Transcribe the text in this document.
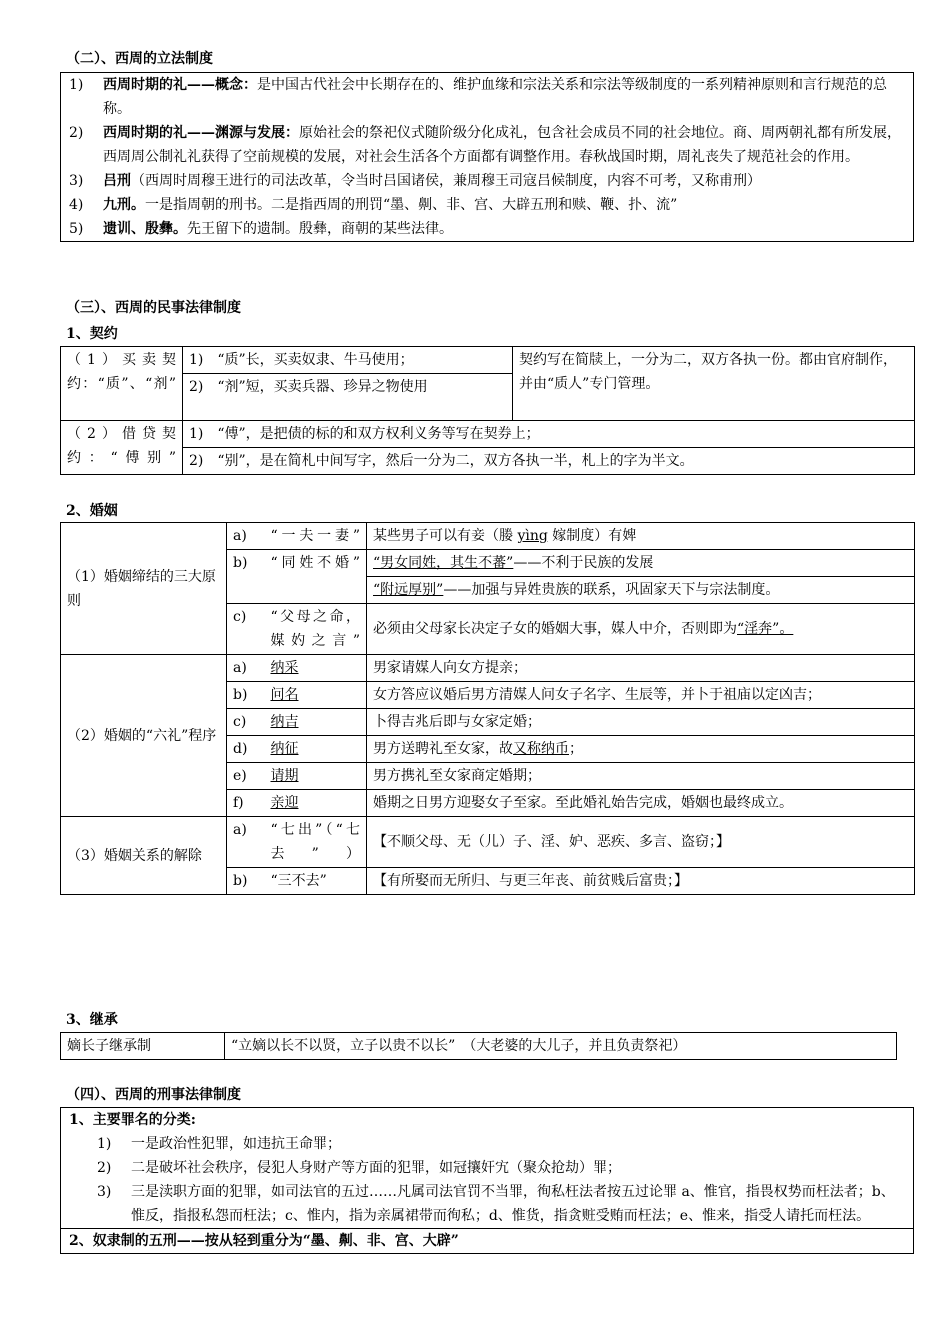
（二）、西周的立法制度
1)	西周时期的礼——概念：是中国古代社会中长期存在的、维护血缘和宗法关系和宗法等级制度的一系列精神原则和言行规范的总称。
2)	西周时期的礼——渊源与发展：原始社会的祭祀仪式随阶级分化成礼，包含社会成员不同的社会地位。商、周两朝礼都有所发展，西周周公制礼礼获得了空前规模的发展，对社会生活各个方面都有调整作用。春秋战国时期，周礼丧失了规范社会的作用。
3)	吕刑（西周时周穆王进行的司法改革，令当时吕国诸侯，兼周穆王司寇吕候制度，内容不可考，又称甫刑）
4)	九刑。一是指周朝的刑书。二是指西周的刑罚“墨、劓、非、宫、大辟五刑和赎、鞭、扑、流”
5)	遗训、殷彝。先王留下的遗制。殷彝，商朝的某些法律。
（三）、西周的民事法律制度
1、契约
（1）买卖契约：“质”、“剂”	1)　“质”长，买卖奴隶、牛马使用；	契约写在简牍上，一分为二，双方各执一份。都由官府制作，并由“质人”专门管理。
	2)　“剂”短，买卖兵器、珍异之物使用	

（2）借贷契约：“傅别”	1)　“傅”，是把债的标的和双方权利义务等写在契券上；	
	2)　“别”，是在简札中间写字，然后一分为二，双方各执一半，札上的字为半文。	
2、婚姻
（1）婚姻缔结的三大原则	a)	“一夫一妻”	某些男子可以有妾（媵 yìng 嫁制度）有婢
	b)	“同姓不婚”	“男女同姓，其生不蕃”——不利于民族的发展
			“附远厚别”——加强与异姓贵族的联系，巩固家天下与宗法制度。
	c)	“父母之命，媒妁之言”	必须由父母家长决定子女的婚姻大事，媒人中介，否则即为“淫奔”。
（2）婚姻的“六礼”程序	a)	纳采	男家请媒人向女方提亲；
	b)	问名	女方答应议婚后男方清媒人问女子名字、生辰等，并卜于祖庙以定凶吉；
	c)	纳吉	卜得吉兆后即与女家定婚；
	d)	纳征	男方送聘礼至女家，故又称纳币；
	e)	请期	男方携礼至女家商定婚期；
	f)	亲迎	婚期之日男方迎娶女子至家。至此婚礼始告完成，婚姻也最终成立。
（3）婚姻关系的解除	a)	“七出”（“七去”）	【不顺父母、无（儿）子、淫、妒、恶疾、多言、盗窃；】
	b)	“三不去”	【有所娶而无所归、与更三年丧、前贫贱后富贵；】
3、继承
嫡长子继承制	“立嫡以长不以贤，立子以贵不以长”　（大老婆的大儿子，并且负责祭祀）
（四）、西周的刑事法律制度
1、主要罪名的分类:
1)	一是政治性犯罪，如违抗王命罪；
2)	二是破坏社会秩序，侵犯人身财产等方面的犯罪，如冠攘奸宄（聚众抢劫）罪；
3)	三是渎职方面的犯罪，如司法官的五过……凡属司法官罚不当罪，徇私枉法者按五过论罪 a、惟官，指畏权势而枉法者；b、惟反，指报私怨而枉法；c、惟内，指为亲属裙带而徇私；d、惟货，指贪赃受贿而枉法；e、惟来，指受人请托而枉法。

2、奴隶制的五刑——按从轻到重分为“墨、劓、非、宫、大辟”
